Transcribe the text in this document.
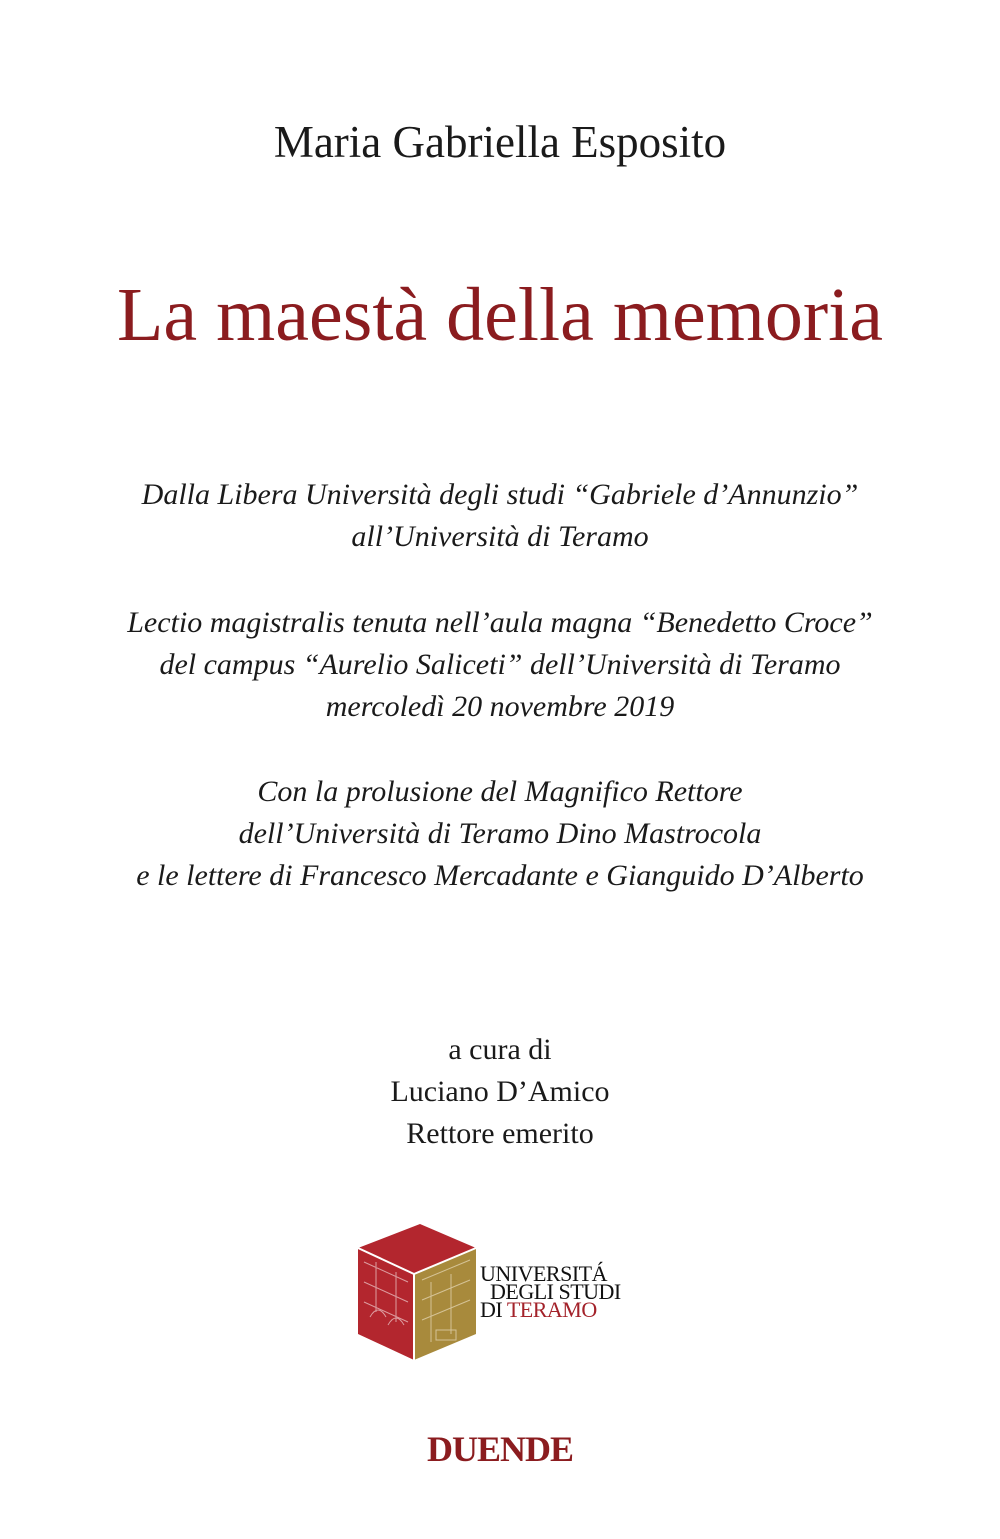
Maria Gabriella Esposito
La maestà della memoria
Dalla Libera Università degli studi “Gabriele d’Annunzio”
all’Università di Teramo
Lectio magistralis tenuta nell’aula magna “Benedetto Croce”
del campus “Aurelio Saliceti” dell’Università di Teramo
mercoledì 20 novembre 2019
Con la prolusione del Magnifico Rettore
dell’Università di Teramo Dino Mastrocola
e le lettere di Francesco Mercadante e Gianguido D’Alberto
a cura di
Luciano D’Amico
Rettore emerito
UNIVERSITÁ
DEGLI STUDI
DI TERAMO
DUENDE
